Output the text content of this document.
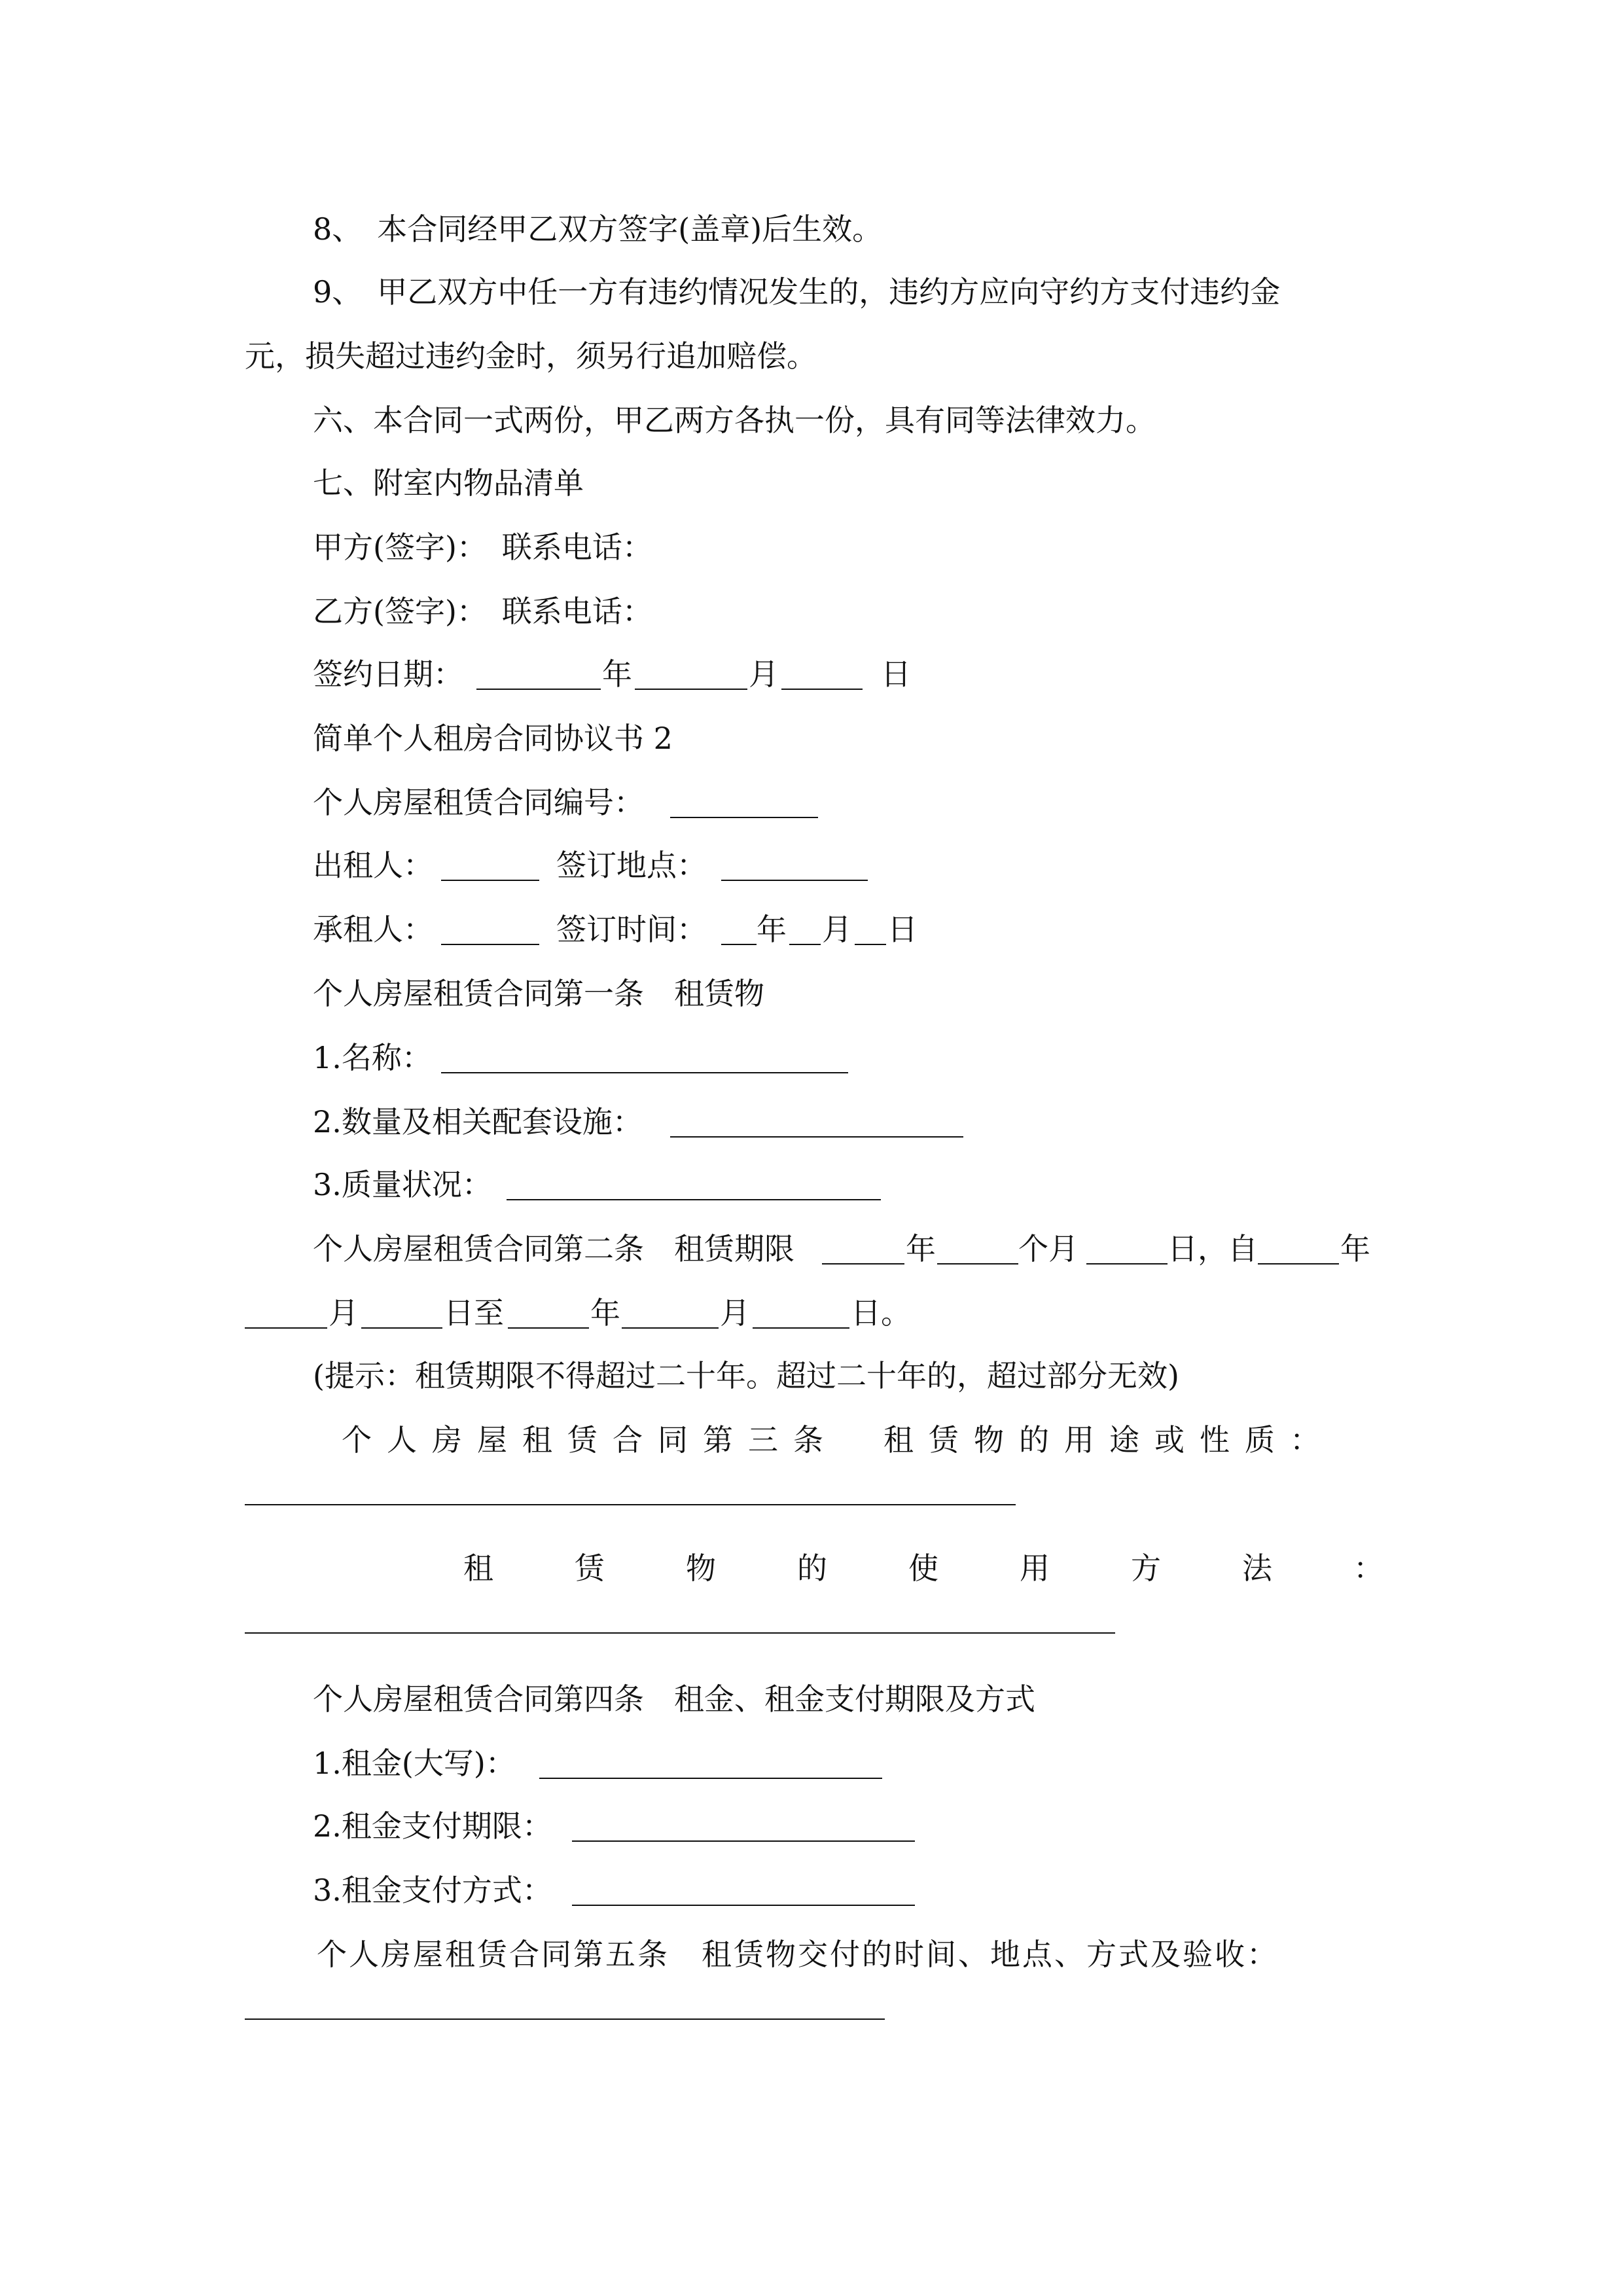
8、　本合同经甲乙双方签字(盖章)后生效。
9、　甲乙双方中任一方有违约情况发生的，违约方应向守约方支付违约金
元，损失超过违约金时，须另行追加赔偿。
六、本合同一式两份，甲乙两方各执一份，具有同等法律效力。
七、附室内物品清单
甲方(签字)：　联系电话：
乙方(签字)：　联系电话：
签约日期：	年	月	日
简单个人租房合同协议书 2
个人房屋租赁合同编号：
出租人：	签订地点：
承租人：	签订时间： 年 月 日
个人房屋租赁合同第一条　租赁物
1.名称：
2.数量及相关配套设施：
3.质量状况：
个人房屋租赁合同第二条　租赁期限	年	个月	日，自	年
月	日至	年	月	日。
(提示：租赁期限不得超过二十年。超过二十年的，超过部分无效)
个人房屋租赁合同第三条　租赁物的用途或性质：
租赁物的使用方法：
个人房屋租赁合同第四条　租金、租金支付期限及方式
1.租金(大写)：
2.租金支付期限：
3.租金支付方式：
个人房屋租赁合同第五条　租赁物交付的时间、地点、方式及验收：
